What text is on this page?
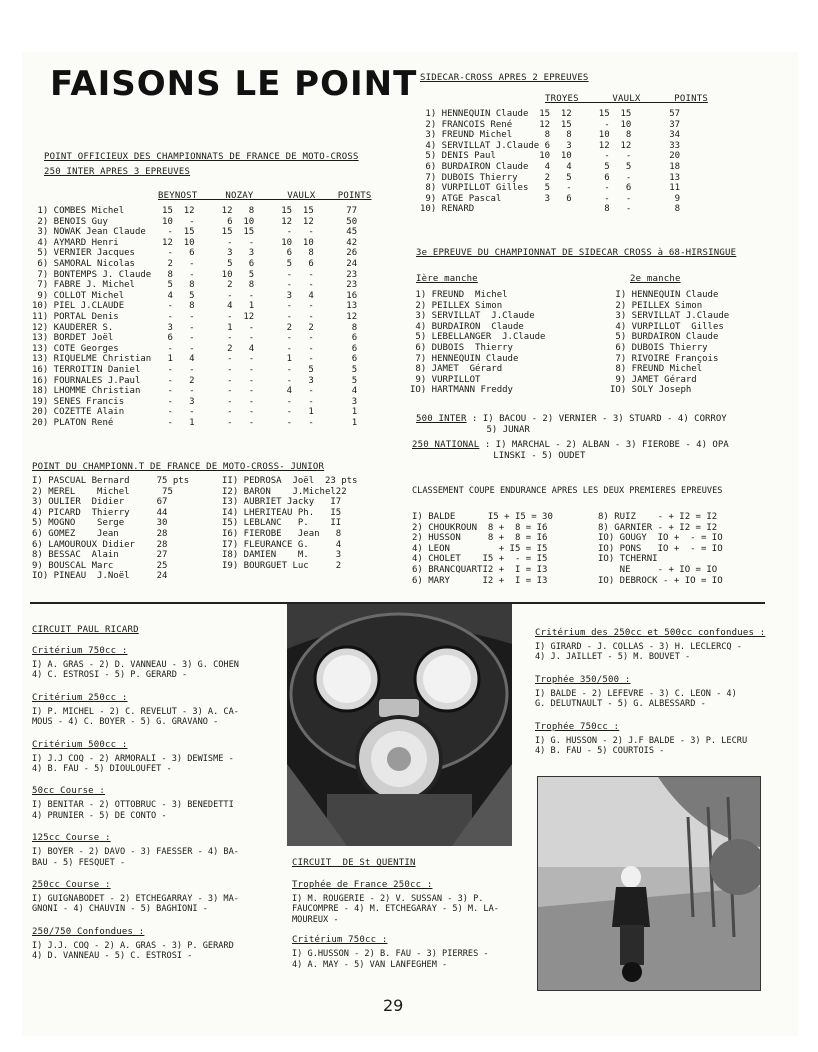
FAISONS LE POINT
POINT OFFICIEUX DES CHAMPIONNATS DE FRANCE DE MOTO-CROSS
250 INTER APRES 3 EPREUVES
BEYNOST     NOZAY      VAULX    POINTS
1) COMBES Michel       15  12     12   8     15  15      77
2) BENOIS Guy          10   -      6  10     12  12      50
3) NOWAK Jean Claude    -  15     15  15      -   -      45
4) AYMARD Henri        12  10      -   -     10  10      42
5) VERNIER Jacques      -   6      3   3      6   8      26
6) SAMORAL Nicolas      2   -      5   6      5   6      24
7) BONTEMPS J. Claude   8   -     10   5      -   -      23
7) FABRE J. Michel      5   8      2   8      -   -      23
9) COLLOT Michel        4   5      -   -      3   4      16
10) PIEL J.CLAUDE        -   8      4   1      -   -      13
11) PORTAL Denis         -   -      -  12      -   -      12
12) KAUDERER S.          3   -      1   -      2   2       8
13) BORDET Joël          6   -      -   -      -   -       6
13) COTE Georges         -   -      2   4      -   -       6
13) RIQUELME Christian   1   4      -   -      1   -       6
16) TERROITIN Daniel     -   -      -   -      -   5       5
16) FOURNALES J.Paul     -   2      -   -      -   3       5
18) LHOMME Christian     -   -      -   -      4   -       4
19) SENES Francis        -   3      -   -      -   -       3
20) COZETTE Alain        -   -      -   -      -   1       1
20) PLATON René          -   1      -   -      -   -       1
POINT DU CHAMPIONN.T DE FRANCE DE MOTO-CROSS- JUNIOR
I) PASCUAL Bernard     75 pts
2) MEREL    Michel      75
3) OULIER  Didier      67
4) PICARD  Thierry     44
5) MOGNO    Serge      30
6) GOMEZ    Jean       28
6) LAMOUROUX Didier    28
8) BESSAC  Alain       27
9) BOUSCAL Marc        25
IO) PINEAU  J.Noël     24
II) PEDROSA  Joël  23 pts
I2) BARON    J.Michel22
I3) AUBRIET Jacky   I7
I4) LHERITEAU Ph.   I5
I5) LEBLANC   P.    II
I6) FIEROBE   Jean   8
I7) FLEURANCE G.     4
I8) DAMIEN    M.     3
I9) BOURGUET Luc     2
SIDECAR-CROSS APRES 2 EPREUVES
TROYES      VAULX      POINTS
1) HENNEQUIN Claude  15  12     15  15       57
2) FRANCOIS René     12  15      -  10       37
3) FREUND Michel      8   8     10   8       34
4) SERVILLAT J.Claude 6   3     12  12       33
5) DENIS Paul        10  10      -   -       20
6) BURDAIRON Claude   4   4      5   5       18
7) DUBOIS Thierry     2   5      6   -       13
8) VURPILLOT Gilles   5   -      -   6       11
9) ATGE Pascal        3   6      -   -        9
10) RENARD                        8   -        8
3e EPREUVE DU CHAMPIONNAT DE SIDECAR CROSS à 68-HIRSINGUE
Ière manche	2e manche
1) FREUND  Michel
2) PEILLEX Simon
3) SERVILLAT  J.Claude
4) BURDAIRON  Claude
5) LEBELLANGER  J.Claude
6) DUBOIS  Thierry
7) HENNEQUIN Claude
8) JAMET  Gérard
9) VURPILLOT
IO) HARTMANN Freddy
I) HENNEQUIN Claude
2) PEILLEX Simon
3) SERVILLAT J.Claude
4) VURPILLOT  Gilles
5) BURDAIRON Claude
6) DUBOIS Thierry
7) RIVOIRE François
8) FREUND Michel
9) JAMET Gérard
IO) SOLY Joseph
500 INTER : I) BACOU - 2) VERNIER - 3) STUARD - 4) CORROY
5) JUNAR
250 NATIONAL : I) MARCHAL - 2) ALBAN - 3) FIEROBE - 4) OPA
LINSKI - 5) OUDET
CLASSEMENT COUPE ENDURANCE APRES LES DEUX PREMIERES EPREUVES
I) BALDE      I5 + I5 = 30
2) CHOUKROUN  8 +  8 = I6
2) HUSSON     8 +  8 = I6
4) LEON         + I5 = I5
4) CHOLET    I5 +  - = I5
6) BRANCQUARTI2 +  I = I3
6) MARY      I2 +  I = I3
8) RUIZ    - + I2 = I2
8) GARNIER - + I2 = I2
IO) GOUGY  IO +  - = IO
IO) PONS   IO +  - = IO
IO) TCHERNI
NE     - + IO = IO
IO) DEBROCK - + IO = IO
CIRCUIT PAUL RICARD
Critérium 750cc :
I) A. GRAS - 2) D. VANNEAU - 3) G. COHEN
4) C. ESTROSI - 5) P. GERARD -
Critérium 250cc :
I) P. MICHEL - 2) C. REVELUT - 3) A. CA-
MOUS - 4) C. BOYER - 5) G. GRAVANO -
Critérium 500cc :
I) J.J COQ - 2) ARMORALI - 3) DEWISME -
4) B. FAU - 5) DIOULOUFET -
50cc Course :
I) BENITAR - 2) OTTOBRUC - 3) BENEDETTI
4) PRUNIER - 5) DE CONTO -
125cc Course :
I) BOYER - 2) DAVO - 3) FAESSER - 4) BA-
BAU - 5) FESQUET -
250cc Course :
I) GUIGNABODET - 2) ETCHEGARRAY - 3) MA-
GNONI - 4) CHAUVIN - 5) BAGHIONI -
250/750 Confondues :
I) J.J. COQ - 2) A. GRAS - 3) P. GERARD
4) D. VANNEAU - 5) C. ESTROSI -
CIRCUIT  DE St QUENTIN
Trophée de France 250cc :
I) M. ROUGERIE - 2) V. SUSSAN - 3) P.
FAUCOMPRE - 4) M. ETCHEGARAY - 5) M. LA-
MOUREUX -
Critérium 750cc :
I) G.HUSSON - 2) B. FAU - 3) PIERRES -
4) A. MAY - 5) VAN LANFEGHEM -
Critérium des 250cc et 500cc confondues :
I) GIRARD - J. COLLAS - 3) H. LECLERCQ -
4) J. JAILLET - 5) M. BOUVET -
Trophée 350/500 :
I) BALDE - 2) LEFEVRE - 3) C. LEON - 4)
G. DELUTNAULT - 5) G. ALBESSARD -
Trophée 750cc :
I) G. HUSSON - 2) J.F BALDE - 3) P. LECRU
4) B. FAU - 5) COURTOIS -
29
